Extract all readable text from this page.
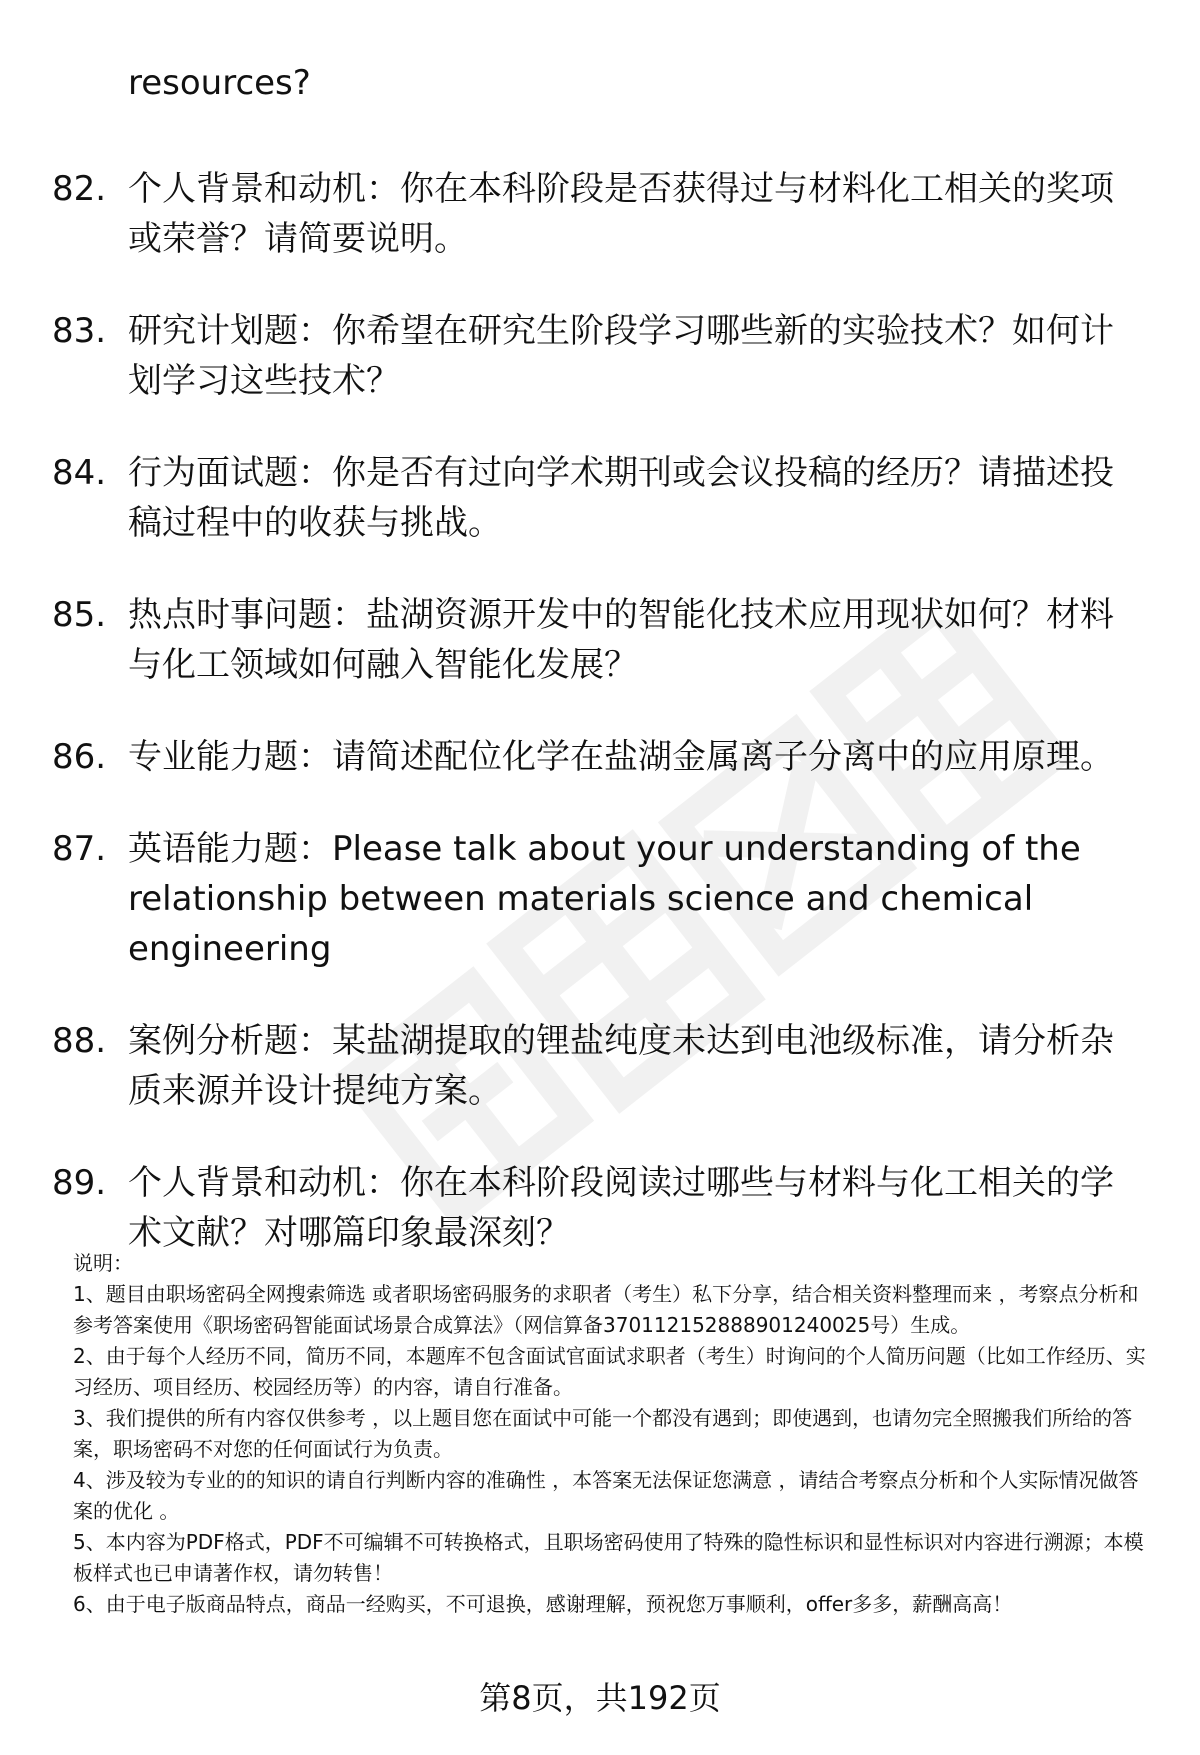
resources?
82. 个人背景和动机：你在本科阶段是否获得过与材料化工相关的奖项或荣誉？请简要说明。
83. 研究计划题：你希望在研究生阶段学习哪些新的实验技术？如何计划学习这些技术？
84. 行为面试题：你是否有过向学术期刊或会议投稿的经历？请描述投稿过程中的收获与挑战。
85. 热点时事问题：盐湖资源开发中的智能化技术应用现状如何？材料与化工领域如何融入智能化发展？
86. 专业能力题：请简述配位化学在盐湖金属离子分离中的应用原理。
87. 英语能力题：Please talk about your understanding of the relationship between materials science and chemical engineering
88. 案例分析题：某盐湖提取的锂盐纯度未达到电池级标准，请分析杂质来源并设计提纯方案。
89. 个人背景和动机：你在本科阶段阅读过哪些与材料与化工相关的学术文献？对哪篇印象最深刻？

说明：

1、题目由职场密码全网搜索筛选 或者职场密码服务的求职者（考生）私下分享，结合相关资料整理而来 ，考察点分析和参考答案使用《职场密码智能面试场景合成算法》（网信算备370112152888901240025号）生成。

2、由于每个人经历不同，简历不同，本题库不包含面试官面试求职者（考生）时询问的个人简历问题（比如工作经历、实习经历、项目经历、校园经历等）的内容，请自行准备。

3、我们提供的所有内容仅供参考 ，以上题目您在面试中可能一个都没有遇到；即使遇到，也请勿完全照搬我们所给的答案，职场密码不对您的任何面试行为负责。

4、涉及较为专业的的知识的请自行判断内容的准确性 ，本答案无法保证您满意 ，请结合考察点分析和个人实际情况做答案的优化 。

5、本内容为PDF格式，PDF不可编辑不可转换格式，且职场密码使用了特殊的隐性标识和显性标识对内容进行溯源；本模板样式也已申请著作权，请勿转售！

6、由于电子版商品特点，商品一经购买，不可退换，感谢理解，预祝您万事顺利，offer多多，薪酬高高！

第8页，共192页
